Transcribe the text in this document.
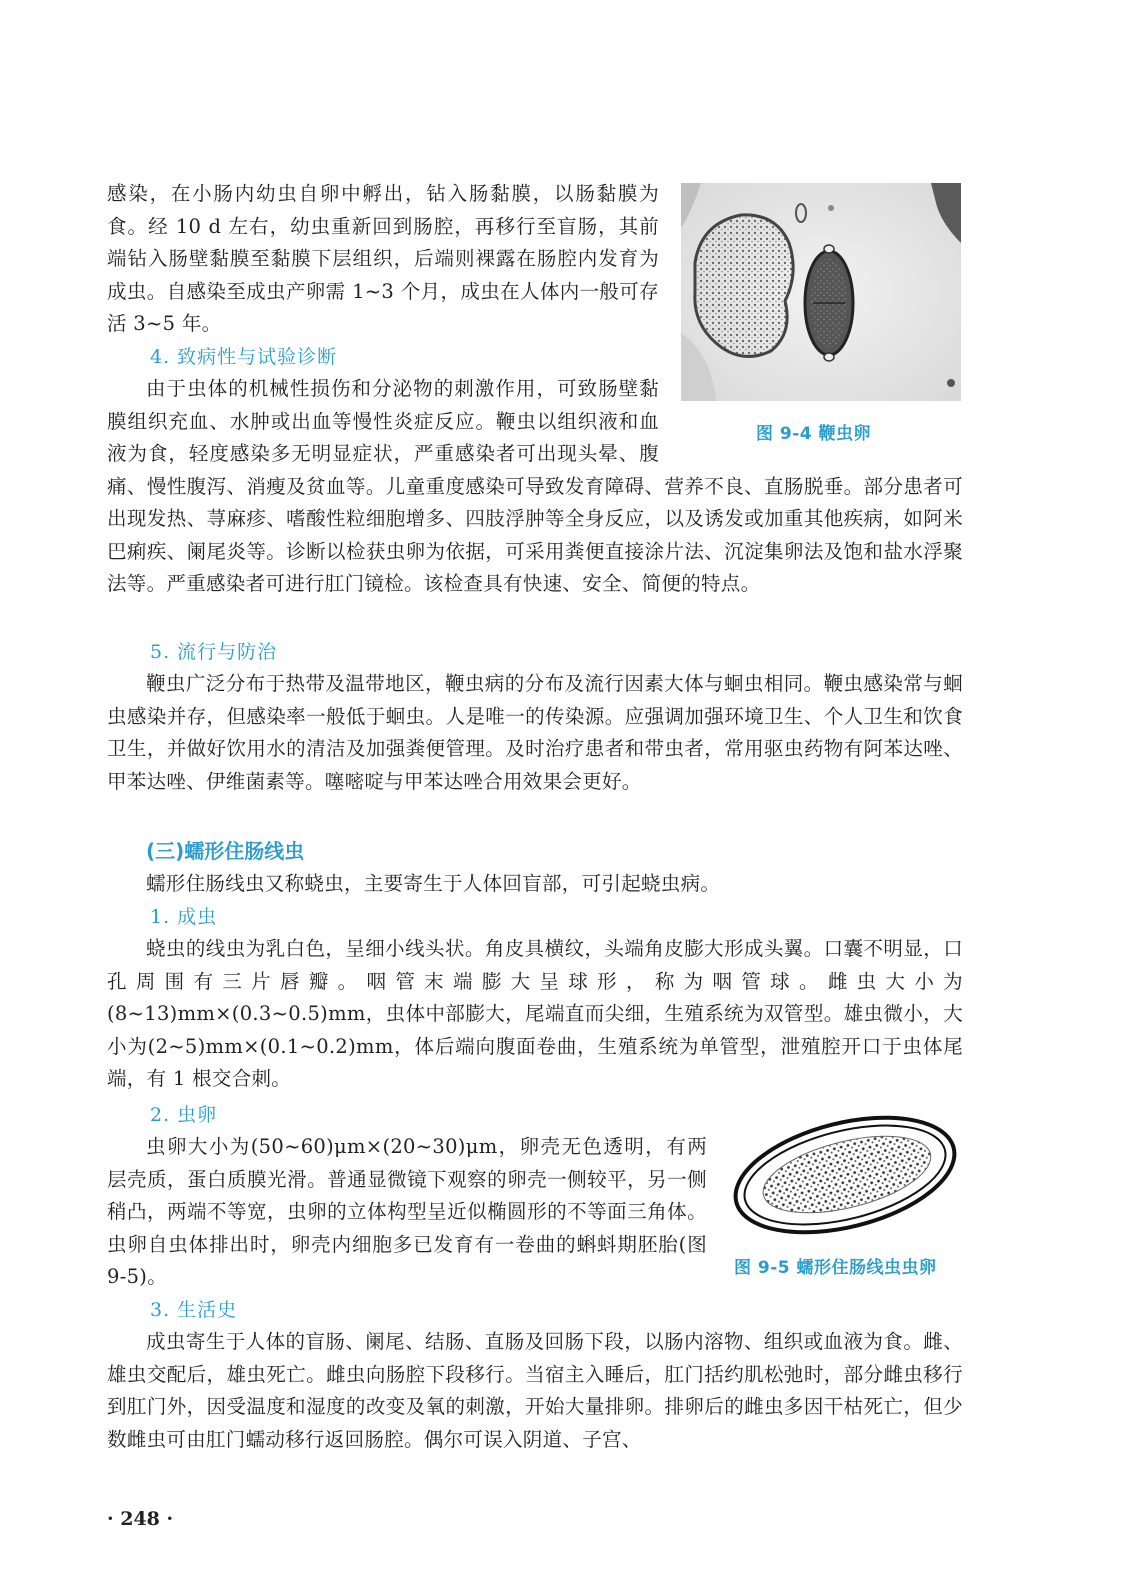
感染，在小肠内幼虫自卵中孵出，钻入肠黏膜，以肠黏膜为食。经 10 d 左右，幼虫重新回到肠腔，再移行至盲肠，其前端钻入肠壁黏膜至黏膜下层组织，后端则裸露在肠腔内发育为成虫。自感染至成虫产卵需 1~3 个月，成虫在人体内一般可存活 3~5 年。

图 9-4 鞭虫卵
4. 致病性与试验诊断

由于虫体的机械性损伤和分泌物的刺激作用，可致肠壁黏膜组织充血、水肿或出血等慢性炎症反应。鞭虫以组织液和血液为食，轻度感染多无明显症状，严重感染者可出现头晕、腹痛、慢性腹泻、消瘦及贫血等。儿童重度感染可导致发育障碍、营养不良、直肠脱垂。部分患者可出现发热、荨麻疹、嗜酸性粒细胞增多、四肢浮肿等全身反应，以及诱发或加重其他疾病，如阿米巴痢疾、阑尾炎等。诊断以检获虫卵为依据，可采用粪便直接涂片法、沉淀集卵法及饱和盐水浮聚法等。严重感染者可进行肛门镜检。该检查具有快速、安全、简便的特点。

5. 流行与防治

鞭虫广泛分布于热带及温带地区，鞭虫病的分布及流行因素大体与蛔虫相同。鞭虫感染常与蛔虫感染并存，但感染率一般低于蛔虫。人是唯一的传染源。应强调加强环境卫生、个人卫生和饮食卫生，并做好饮用水的清洁及加强粪便管理。及时治疗患者和带虫者，常用驱虫药物有阿苯达唑、甲苯达唑、伊维菌素等。噻嘧啶与甲苯达唑合用效果会更好。

(三)蠕形住肠线虫

蠕形住肠线虫又称蛲虫，主要寄生于人体回盲部，可引起蛲虫病。

1. 成虫

蛲虫的线虫为乳白色，呈细小线头状。角皮具横纹，头端角皮膨大形成头翼。口囊不明显，口孔周围有三片唇瓣。咽管末端膨大呈球形，称为咽管球。雌虫大小为(8~13)mm×(0.3~0.5)mm，虫体中部膨大，尾端直而尖细，生殖系统为双管型。雄虫微小，大小为(2~5)mm×(0.1~0.2)mm，体后端向腹面卷曲，生殖系统为单管型，泄殖腔开口于虫体尾端，有 1 根交合刺。

2. 虫卵

虫卵大小为(50~60)μm×(20~30)μm，卵壳无色透明，有两层壳质，蛋白质膜光滑。普通显微镜下观察的卵壳一侧较平，另一侧稍凸，两端不等宽，虫卵的立体构型呈近似椭圆形的不等面三角体。虫卵自虫体排出时，卵壳内细胞多已发育有一卷曲的蝌蚪期胚胎(图 9-5)。	图 9-5 蠕形住肠线虫虫卵
3. 生活史

成虫寄生于人体的盲肠、阑尾、结肠、直肠及回肠下段，以肠内溶物、组织或血液为食。雌、雄虫交配后，雄虫死亡。雌虫向肠腔下段移行。当宿主入睡后，肛门括约肌松弛时，部分雌虫移行到肛门外，因受温度和湿度的改变及氧的刺激，开始大量排卵。排卵后的雌虫多因干枯死亡，但少数雌虫可由肛门蠕动移行返回肠腔。偶尔可误入阴道、子宫、

· 248 ·
